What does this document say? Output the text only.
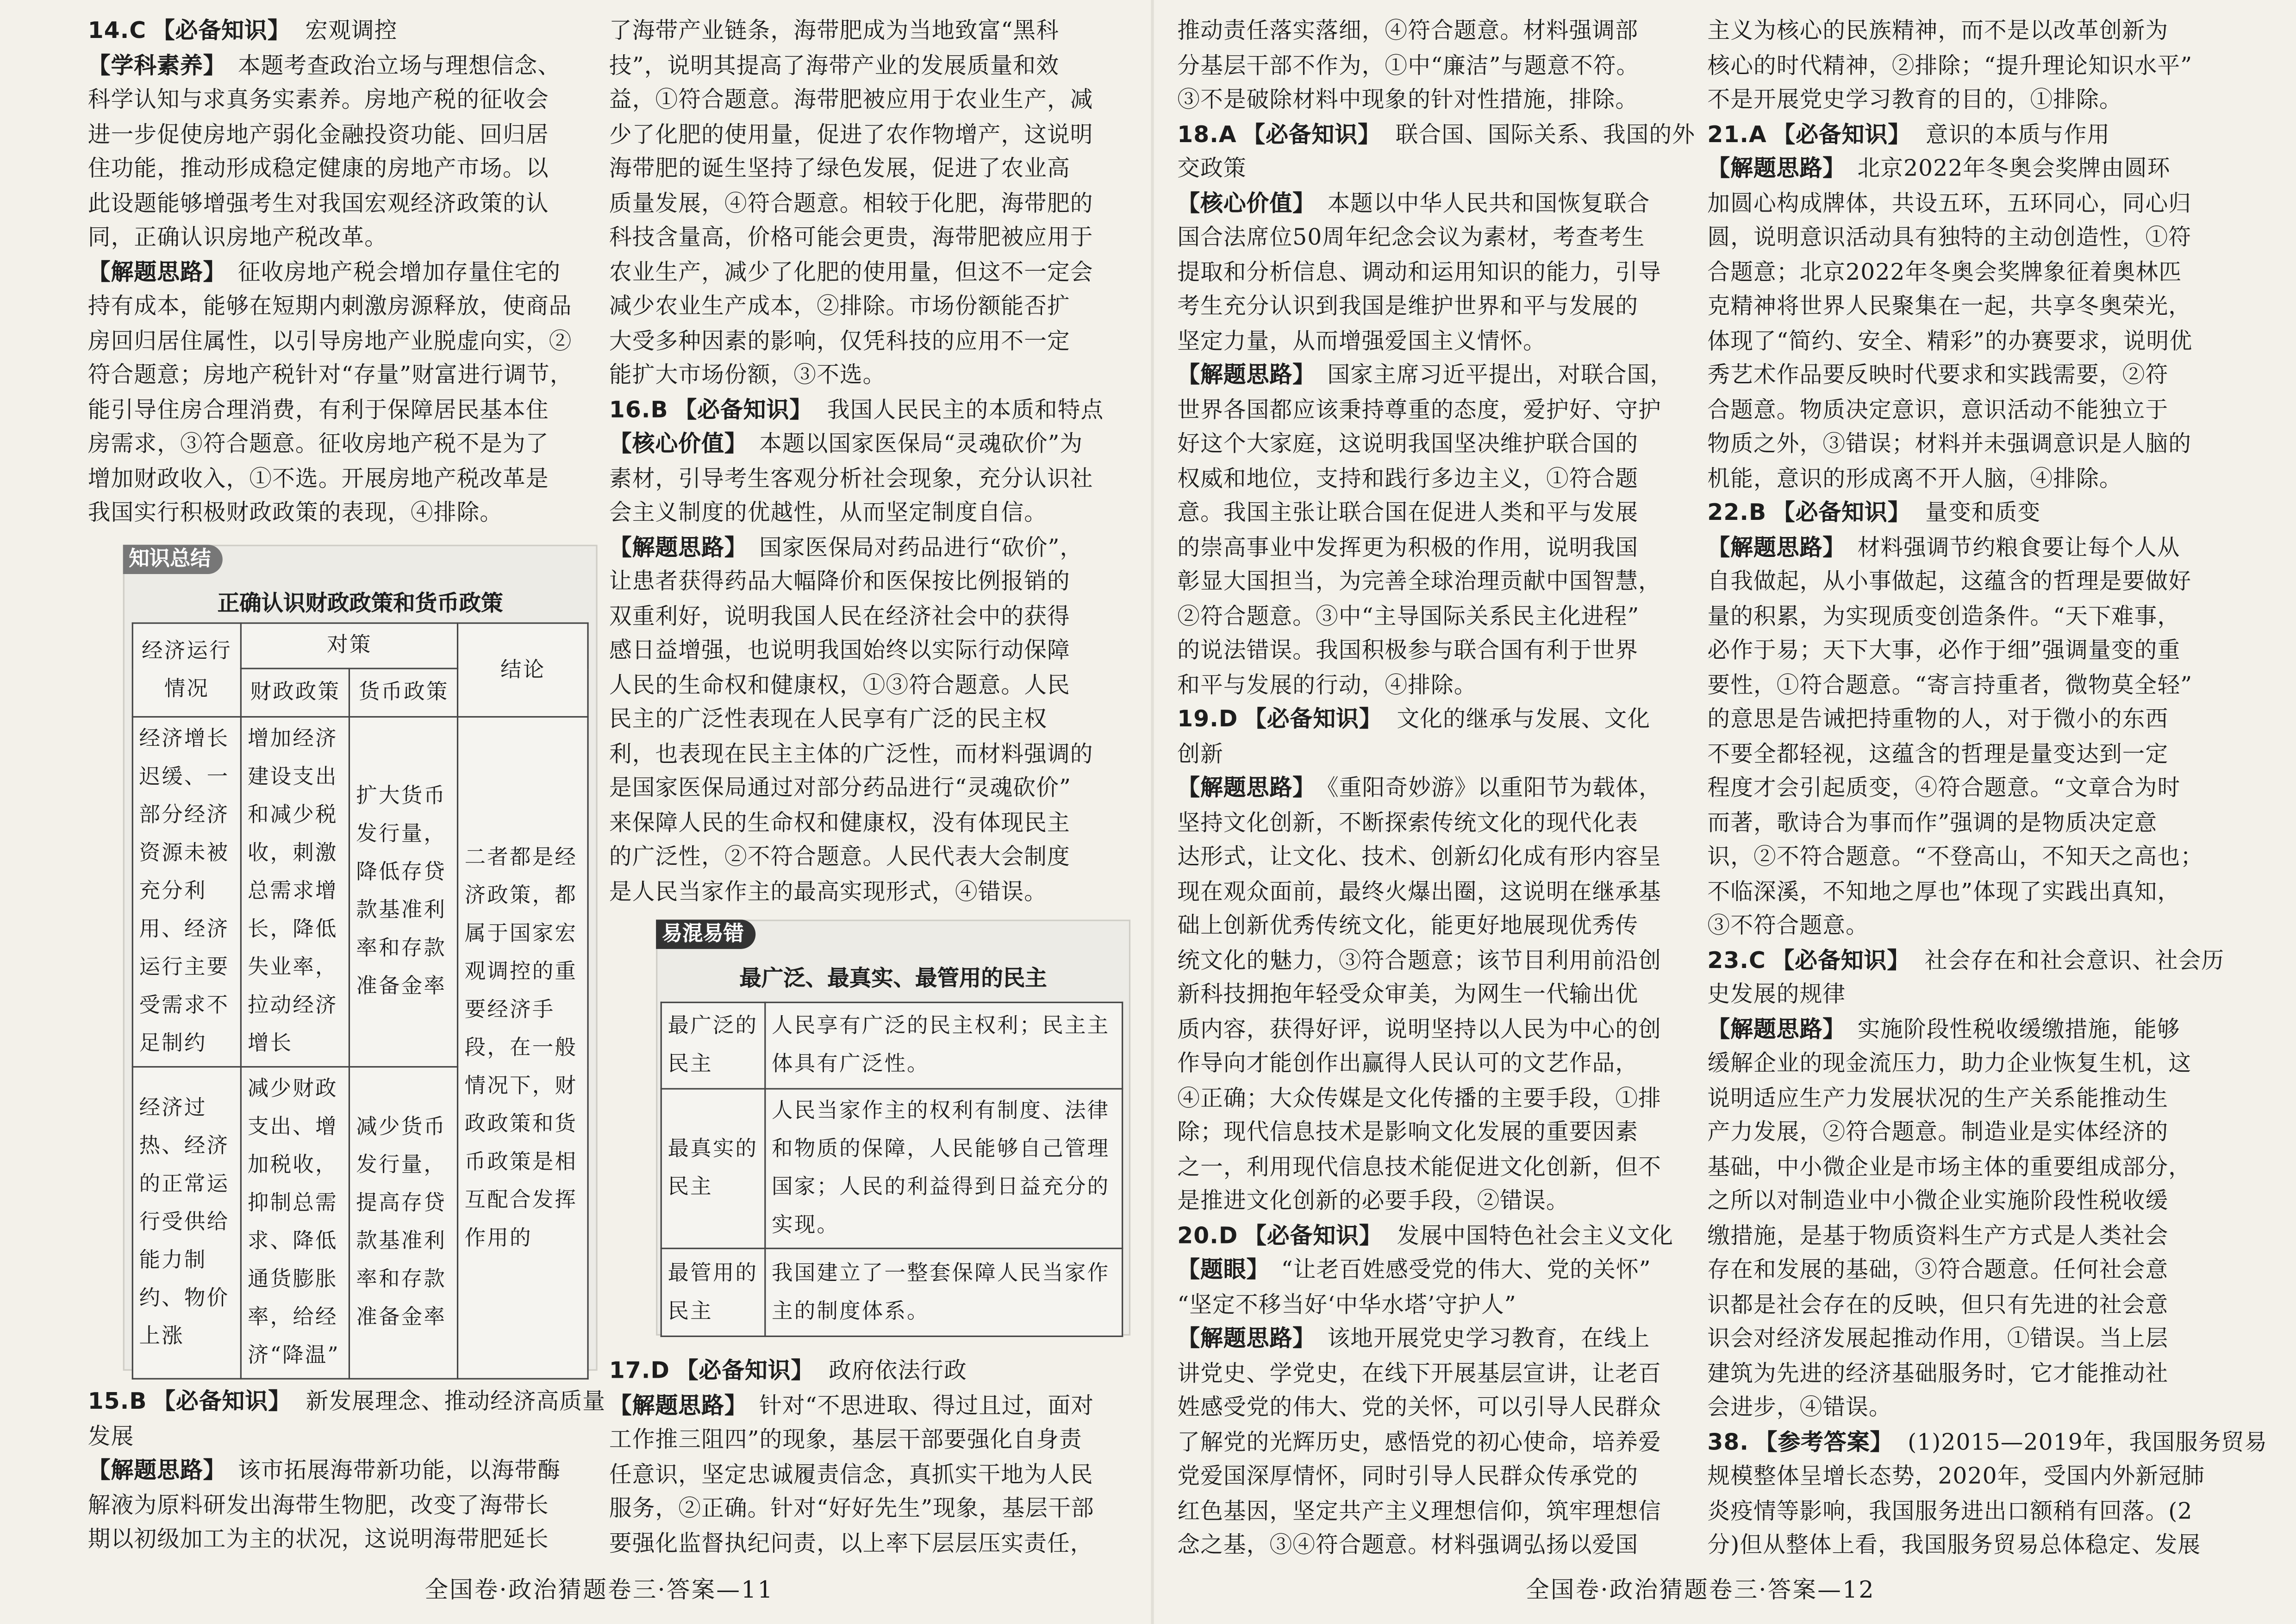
14.C 【必备知识】 宏观调控
【学科素养】 本题考查政治立场与理想信念、
科学认知与求真务实素养。房地产税的征收会
进一步促使房地产弱化金融投资功能、回归居
住功能，推动形成稳定健康的房地产市场。以
此设题能够增强考生对我国宏观经济政策的认
同，正确认识房地产税改革。
【解题思路】 征收房地产税会增加存量住宅的
持有成本，能够在短期内刺激房源释放，使商品
房回归居住属性，以引导房地产业脱虚向实，②
符合题意；房地产税针对“存量”财富进行调节，
能引导住房合理消费，有利于保障居民基本住
房需求，③符合题意。征收房地产税不是为了
增加财政收入，①不选。开展房地产税改革是
我国实行积极财政政策的表现，④排除。
知识总结
正确认识财政政策和货币政策
经济运行情况	对策		结论
	财政政策	货币政策	
经济增长迟缓、一部分经济资源未被充分利用、经济运行主要受需求不足制约	增加经济建设支出和减少税收，刺激总需求增长，降低失业率，拉动经济增长	扩大货币发行量，降低存贷款基准利率和存款准备金率	二者都是经济政策，都属于国家宏观调控的重要经济手段，在一般情况下，财政政策和货币政策是相互配合发挥作用的
经济过热、经济的正常运行受供给能力制约、物价上涨	减少财政支出、增加税收，抑制总需求、降低通货膨胀率，给经济“降温”	减少货币发行量，提高存贷款基准利率和存款准备金率	
15.B 【必备知识】 新发展理念、推动经济高质量
发展
【解题思路】 该市拓展海带新功能，以海带酶
解液为原料研发出海带生物肥，改变了海带长
期以初级加工为主的状况，这说明海带肥延长
了海带产业链条，海带肥成为当地致富“黑科
技”，说明其提高了海带产业的发展质量和效
益，①符合题意。海带肥被应用于农业生产，减
少了化肥的使用量，促进了农作物增产，这说明
海带肥的诞生坚持了绿色发展，促进了农业高
质量发展，④符合题意。相较于化肥，海带肥的
科技含量高，价格可能会更贵，海带肥被应用于
农业生产，减少了化肥的使用量，但这不一定会
减少农业生产成本，②排除。市场份额能否扩
大受多种因素的影响，仅凭科技的应用不一定
能扩大市场份额，③不选。
16.B 【必备知识】 我国人民民主的本质和特点
【核心价值】 本题以国家医保局“灵魂砍价”为
素材，引导考生客观分析社会现象，充分认识社
会主义制度的优越性，从而坚定制度自信。
【解题思路】 国家医保局对药品进行“砍价”，
让患者获得药品大幅降价和医保按比例报销的
双重利好，说明我国人民在经济社会中的获得
感日益增强，也说明我国始终以实际行动保障
人民的生命权和健康权，①③符合题意。人民
民主的广泛性表现在人民享有广泛的民主权
利，也表现在民主主体的广泛性，而材料强调的
是国家医保局通过对部分药品进行“灵魂砍价”
来保障人民的生命权和健康权，没有体现民主
的广泛性，②不符合题意。人民代表大会制度
是人民当家作主的最高实现形式，④错误。
易混易错
最广泛、最真实、最管用的民主
最广泛的民主	人民享有广泛的民主权利；民主主体具有广泛性。
最真实的民主	人民当家作主的权利有制度、法律和物质的保障，人民能够自己管理国家；人民的利益得到日益充分的实现。
最管用的民主	我国建立了一整套保障人民当家作主的制度体系。
17.D 【必备知识】 政府依法行政
【解题思路】 针对“不思进取、得过且过，面对
工作推三阻四”的现象，基层干部要强化自身责
任意识，坚定忠诚履责信念，真抓实干地为人民
服务，②正确。针对“好好先生”现象，基层干部
要强化监督执纪问责，以上率下层层压实责任，
推动责任落实落细，④符合题意。材料强调部
分基层干部不作为，①中“廉洁”与题意不符。
③不是破除材料中现象的针对性措施，排除。
18.A 【必备知识】 联合国、国际关系、我国的外
交政策
【核心价值】 本题以中华人民共和国恢复联合
国合法席位50周年纪念会议为素材，考查考生
提取和分析信息、调动和运用知识的能力，引导
考生充分认识到我国是维护世界和平与发展的
坚定力量，从而增强爱国主义情怀。
【解题思路】 国家主席习近平提出，对联合国，
世界各国都应该秉持尊重的态度，爱护好、守护
好这个大家庭，这说明我国坚决维护联合国的
权威和地位，支持和践行多边主义，①符合题
意。我国主张让联合国在促进人类和平与发展
的崇高事业中发挥更为积极的作用，说明我国
彰显大国担当，为完善全球治理贡献中国智慧，
②符合题意。③中“主导国际关系民主化进程”
的说法错误。我国积极参与联合国有利于世界
和平与发展的行动，④排除。
19.D 【必备知识】 文化的继承与发展、文化
创新
【解题思路】 《重阳奇妙游》以重阳节为载体，
坚持文化创新，不断探索传统文化的现代化表
达形式，让文化、技术、创新幻化成有形内容呈
现在观众面前，最终火爆出圈，这说明在继承基
础上创新优秀传统文化，能更好地展现优秀传
统文化的魅力，③符合题意；该节目利用前沿创
新科技拥抱年轻受众审美，为网生一代输出优
质内容，获得好评，说明坚持以人民为中心的创
作导向才能创作出赢得人民认可的文艺作品，
④正确；大众传媒是文化传播的主要手段，①排
除；现代信息技术是影响文化发展的重要因素
之一，利用现代信息技术能促进文化创新，但不
是推进文化创新的必要手段，②错误。
20.D 【必备知识】 发展中国特色社会主义文化
【题眼】 “让老百姓感受党的伟大、党的关怀”
“坚定不移当好‘中华水塔’守护人”
【解题思路】 该地开展党史学习教育，在线上
讲党史、学党史，在线下开展基层宣讲，让老百
姓感受党的伟大、党的关怀，可以引导人民群众
了解党的光辉历史，感悟党的初心使命，培养爱
党爱国深厚情怀，同时引导人民群众传承党的
红色基因，坚定共产主义理想信仰，筑牢理想信
念之基，③④符合题意。材料强调弘扬以爱国
主义为核心的民族精神，而不是以改革创新为
核心的时代精神，②排除；“提升理论知识水平”
不是开展党史学习教育的目的，①排除。
21.A 【必备知识】 意识的本质与作用
【解题思路】 北京2022年冬奥会奖牌由圆环
加圆心构成牌体，共设五环，五环同心，同心归
圆，说明意识活动具有独特的主动创造性，①符
合题意；北京2022年冬奥会奖牌象征着奥林匹
克精神将世界人民聚集在一起，共享冬奥荣光，
体现了“简约、安全、精彩”的办赛要求，说明优
秀艺术作品要反映时代要求和实践需要，②符
合题意。物质决定意识，意识活动不能独立于
物质之外，③错误；材料并未强调意识是人脑的
机能，意识的形成离不开人脑，④排除。
22.B 【必备知识】 量变和质变
【解题思路】 材料强调节约粮食要让每个人从
自我做起，从小事做起，这蕴含的哲理是要做好
量的积累，为实现质变创造条件。“天下难事，
必作于易；天下大事，必作于细”强调量变的重
要性，①符合题意。“寄言持重者，微物莫全轻”
的意思是告诫把持重物的人，对于微小的东西
不要全都轻视，这蕴含的哲理是量变达到一定
程度才会引起质变，④符合题意。“文章合为时
而著，歌诗合为事而作”强调的是物质决定意
识，②不符合题意。“不登高山，不知天之高也；
不临深溪，不知地之厚也”体现了实践出真知，
③不符合题意。
23.C 【必备知识】 社会存在和社会意识、社会历
史发展的规律
【解题思路】 实施阶段性税收缓缴措施，能够
缓解企业的现金流压力，助力企业恢复生机，这
说明适应生产力发展状况的生产关系能推动生
产力发展，②符合题意。制造业是实体经济的
基础，中小微企业是市场主体的重要组成部分，
之所以对制造业中小微企业实施阶段性税收缓
缴措施，是基于物质资料生产方式是人类社会
存在和发展的基础，③符合题意。任何社会意
识都是社会存在的反映，但只有先进的社会意
识会对经济发展起推动作用，①错误。当上层
建筑为先进的经济基础服务时，它才能推动社
会进步，④错误。
38. 【参考答案】 (1)2015—2019年，我国服务贸易
规模整体呈增长态势，2020年，受国内外新冠肺
炎疫情等影响，我国服务进出口额稍有回落。(2
分)但从整体上看，我国服务贸易总体稳定、发展
全国卷·政治猜题卷三·答案—11	全国卷·政治猜题卷三·答案—12
